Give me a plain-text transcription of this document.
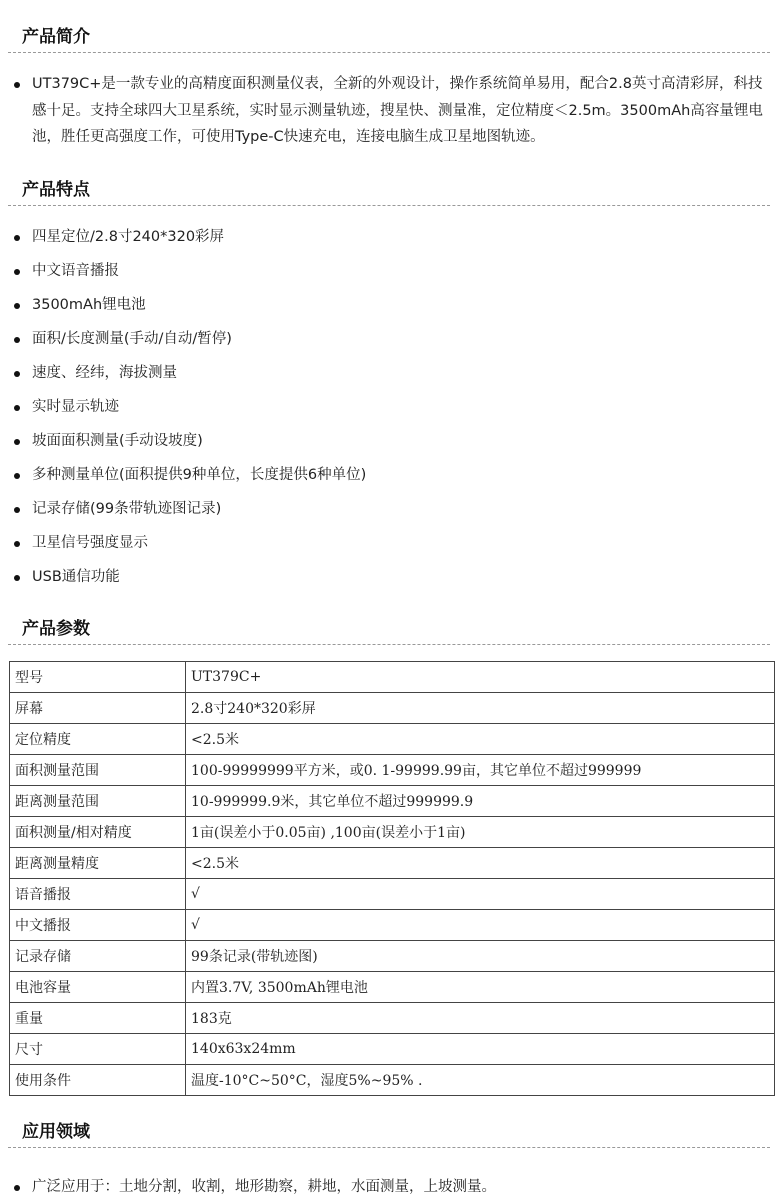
产品简介
UT379C+是一款专业的高精度面积测量仪表，全新的外观设计，操作系统简单易用，配合2.8英寸高清彩屏，科技感十足。支持全球四大卫星系统，实时显示测量轨迹，搜星快、测量准，定位精度＜2.5m。3500mAh高容量锂电池，胜任更高强度工作，可使用Type-C快速充电，连接电脑生成卫星地图轨迹。
产品特点
四星定位/2.8寸240*320彩屏
中文语音播报
3500mAh锂电池
面积/长度测量(手动/自动/暂停)
速度、经纬，海拔测量
实时显示轨迹
坡面面积测量(手动设坡度)
多种测量单位(面积提供9种单位，长度提供6种单位)
记录存储(99条带轨迹图记录)
卫星信号强度显示
USB通信功能
产品参数
型号	UT379C+
屏幕	2.8寸240*320彩屏
定位精度	<2.5米
面积测量范围	100-99999999平方米，或0. 1-99999.99亩，其它单位不超过999999
距离测量范围	10-999999.9米，其它单位不超过999999.9
面积测量/相对精度	1亩(误差小于0.05亩) ,100亩(误差小于1亩)
距离测量精度	<2.5米
语音播报	√
中文播报	√
记录存储	99条记录(带轨迹图)
电池容量	内置3.7V, 3500mAh锂电池
重量	183克
尺寸	140x63x24mm
使用条件	温度-10°C~50°C，湿度5%~95% .
应用领域
广泛应用于：土地分割，收割，地形勘察，耕地，水面测量，上坡测量。
